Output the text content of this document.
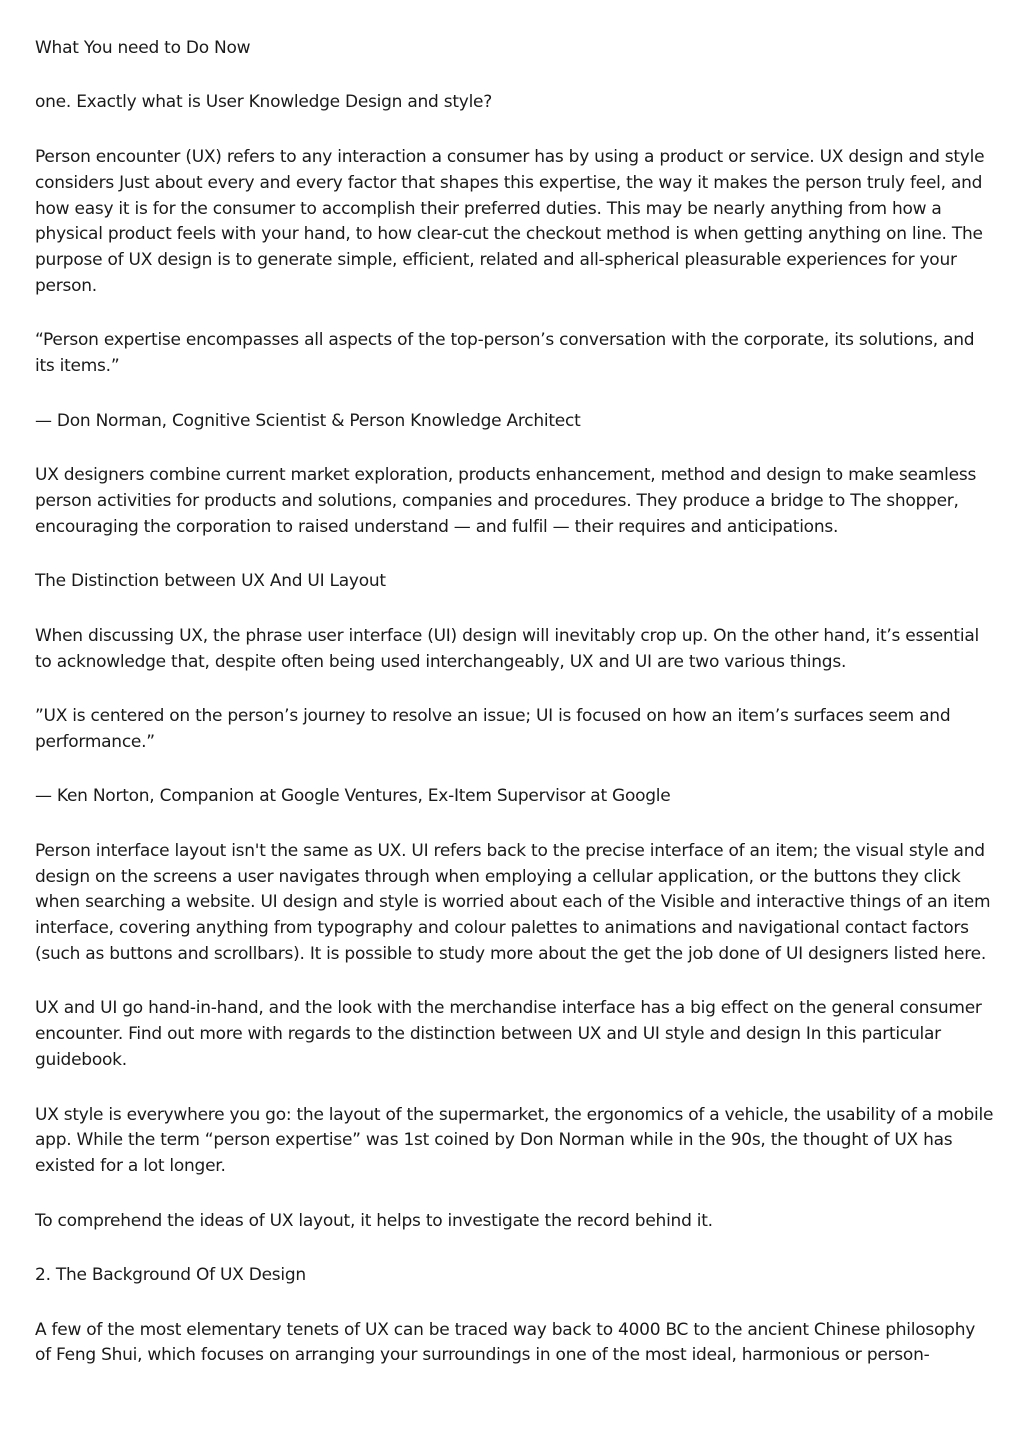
What You need to Do Now

one. Exactly what is User Knowledge Design and style?

Person encounter (UX) refers to any interaction a consumer has by using a product or service. UX design and style considers Just about every and every factor that shapes this expertise, the way it makes the person truly feel, and how easy it is for the consumer to accomplish their preferred duties. This may be nearly anything from how a physical product feels with your hand, to how clear-cut the checkout method is when getting anything on line. The purpose of UX design is to generate simple, efficient, related and all-spherical pleasurable experiences for your person.

“Person expertise encompasses all aspects of the top-person’s conversation with the corporate, its solutions, and its items.”

— Don Norman, Cognitive Scientist & Person Knowledge Architect

UX designers combine current market exploration, products enhancement, method and design to make seamless person activities for products and solutions, companies and procedures. They produce a bridge to The shopper, encouraging the corporation to raised understand — and fulfil — their requires and anticipations.

The Distinction between UX And UI Layout

When discussing UX, the phrase user interface (UI) design will inevitably crop up. On the other hand, it’s essential to acknowledge that, despite often being used interchangeably, UX and UI are two various things.

”UX is centered on the person’s journey to resolve an issue; UI is focused on how an item’s surfaces seem and performance.”

— Ken Norton, Companion at Google Ventures, Ex-Item Supervisor at Google

Person interface layout isn't the same as UX. UI refers back to the precise interface of an item; the visual style and design on the screens a user navigates through when employing a cellular application, or the buttons they click when searching a website. UI design and style is worried about each of the Visible and interactive things of an item interface, covering anything from typography and colour palettes to animations and navigational contact factors (such as buttons and scrollbars). It is possible to study more about the get the job done of UI designers listed here.

UX and UI go hand-in-hand, and the look with the merchandise interface has a big effect on the general consumer encounter. Find out more with regards to the distinction between UX and UI style and design In this particular guidebook.

UX style is everywhere you go: the layout of the supermarket, the ergonomics of a vehicle, the usability of a mobile app. While the term “person expertise” was 1st coined by Don Norman while in the 90s, the thought of UX has existed for a lot longer.

To comprehend the ideas of UX layout, it helps to investigate the record behind it.

2. The Background Of UX Design

A few of the most elementary tenets of UX can be traced way back to 4000 BC to the ancient Chinese philosophy of Feng Shui, which focuses on arranging your surroundings in one of the most ideal, harmonious or person-
